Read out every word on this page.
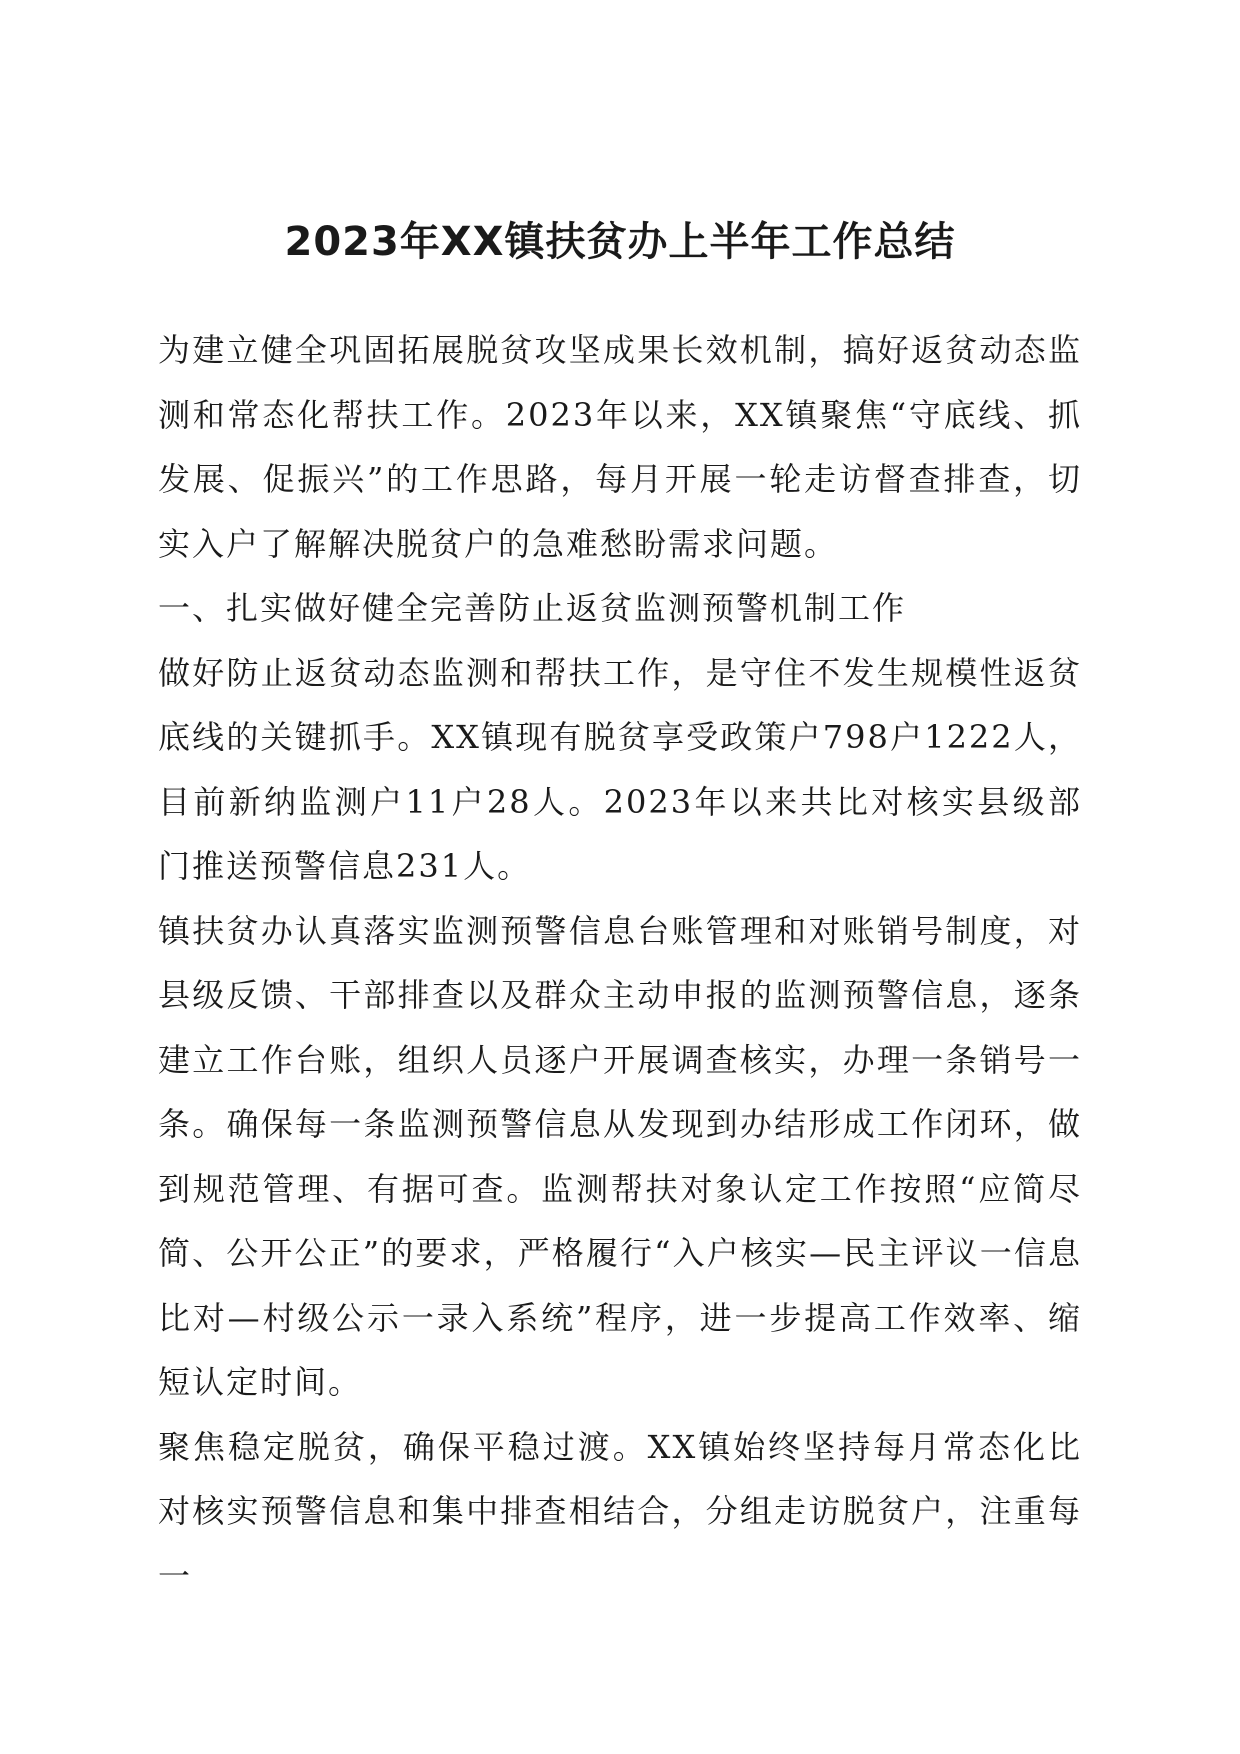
2023年XX镇扶贫办上半年工作总结

为建立健全巩固拓展脱贫攻坚成果长效机制，搞好返贫动态监测和常态化帮扶工作。2023年以来，XX镇聚焦“守底线、抓发展、促振兴”的工作思路，每月开展一轮走访督查排查，切实入户了解解决脱贫户的急难愁盼需求问题。

一、扎实做好健全完善防止返贫监测预警机制工作

做好防止返贫动态监测和帮扶工作，是守住不发生规模性返贫底线的关键抓手。XX镇现有脱贫享受政策户798户1222人，目前新纳监测户11户28人。2023年以来共比对核实县级部门推送预警信息231人。

镇扶贫办认真落实监测预警信息台账管理和对账销号制度，对县级反馈、干部排查以及群众主动申报的监测预警信息，逐条建立工作台账，组织人员逐户开展调查核实，办理一条销号一条。确保每一条监测预警信息从发现到办结形成工作闭环，做到规范管理、有据可查。监测帮扶对象认定工作按照“应简尽简、公开公正”的要求，严格履行“入户核实—民主评议一信息比对—村级公示一录入系统”程序，进一步提高工作效率、缩短认定时间。

聚焦稳定脱贫，确保平稳过渡。XX镇始终坚持每月常态化比对核实预警信息和集中排查相结合，分组走访脱贫户，注重每一
